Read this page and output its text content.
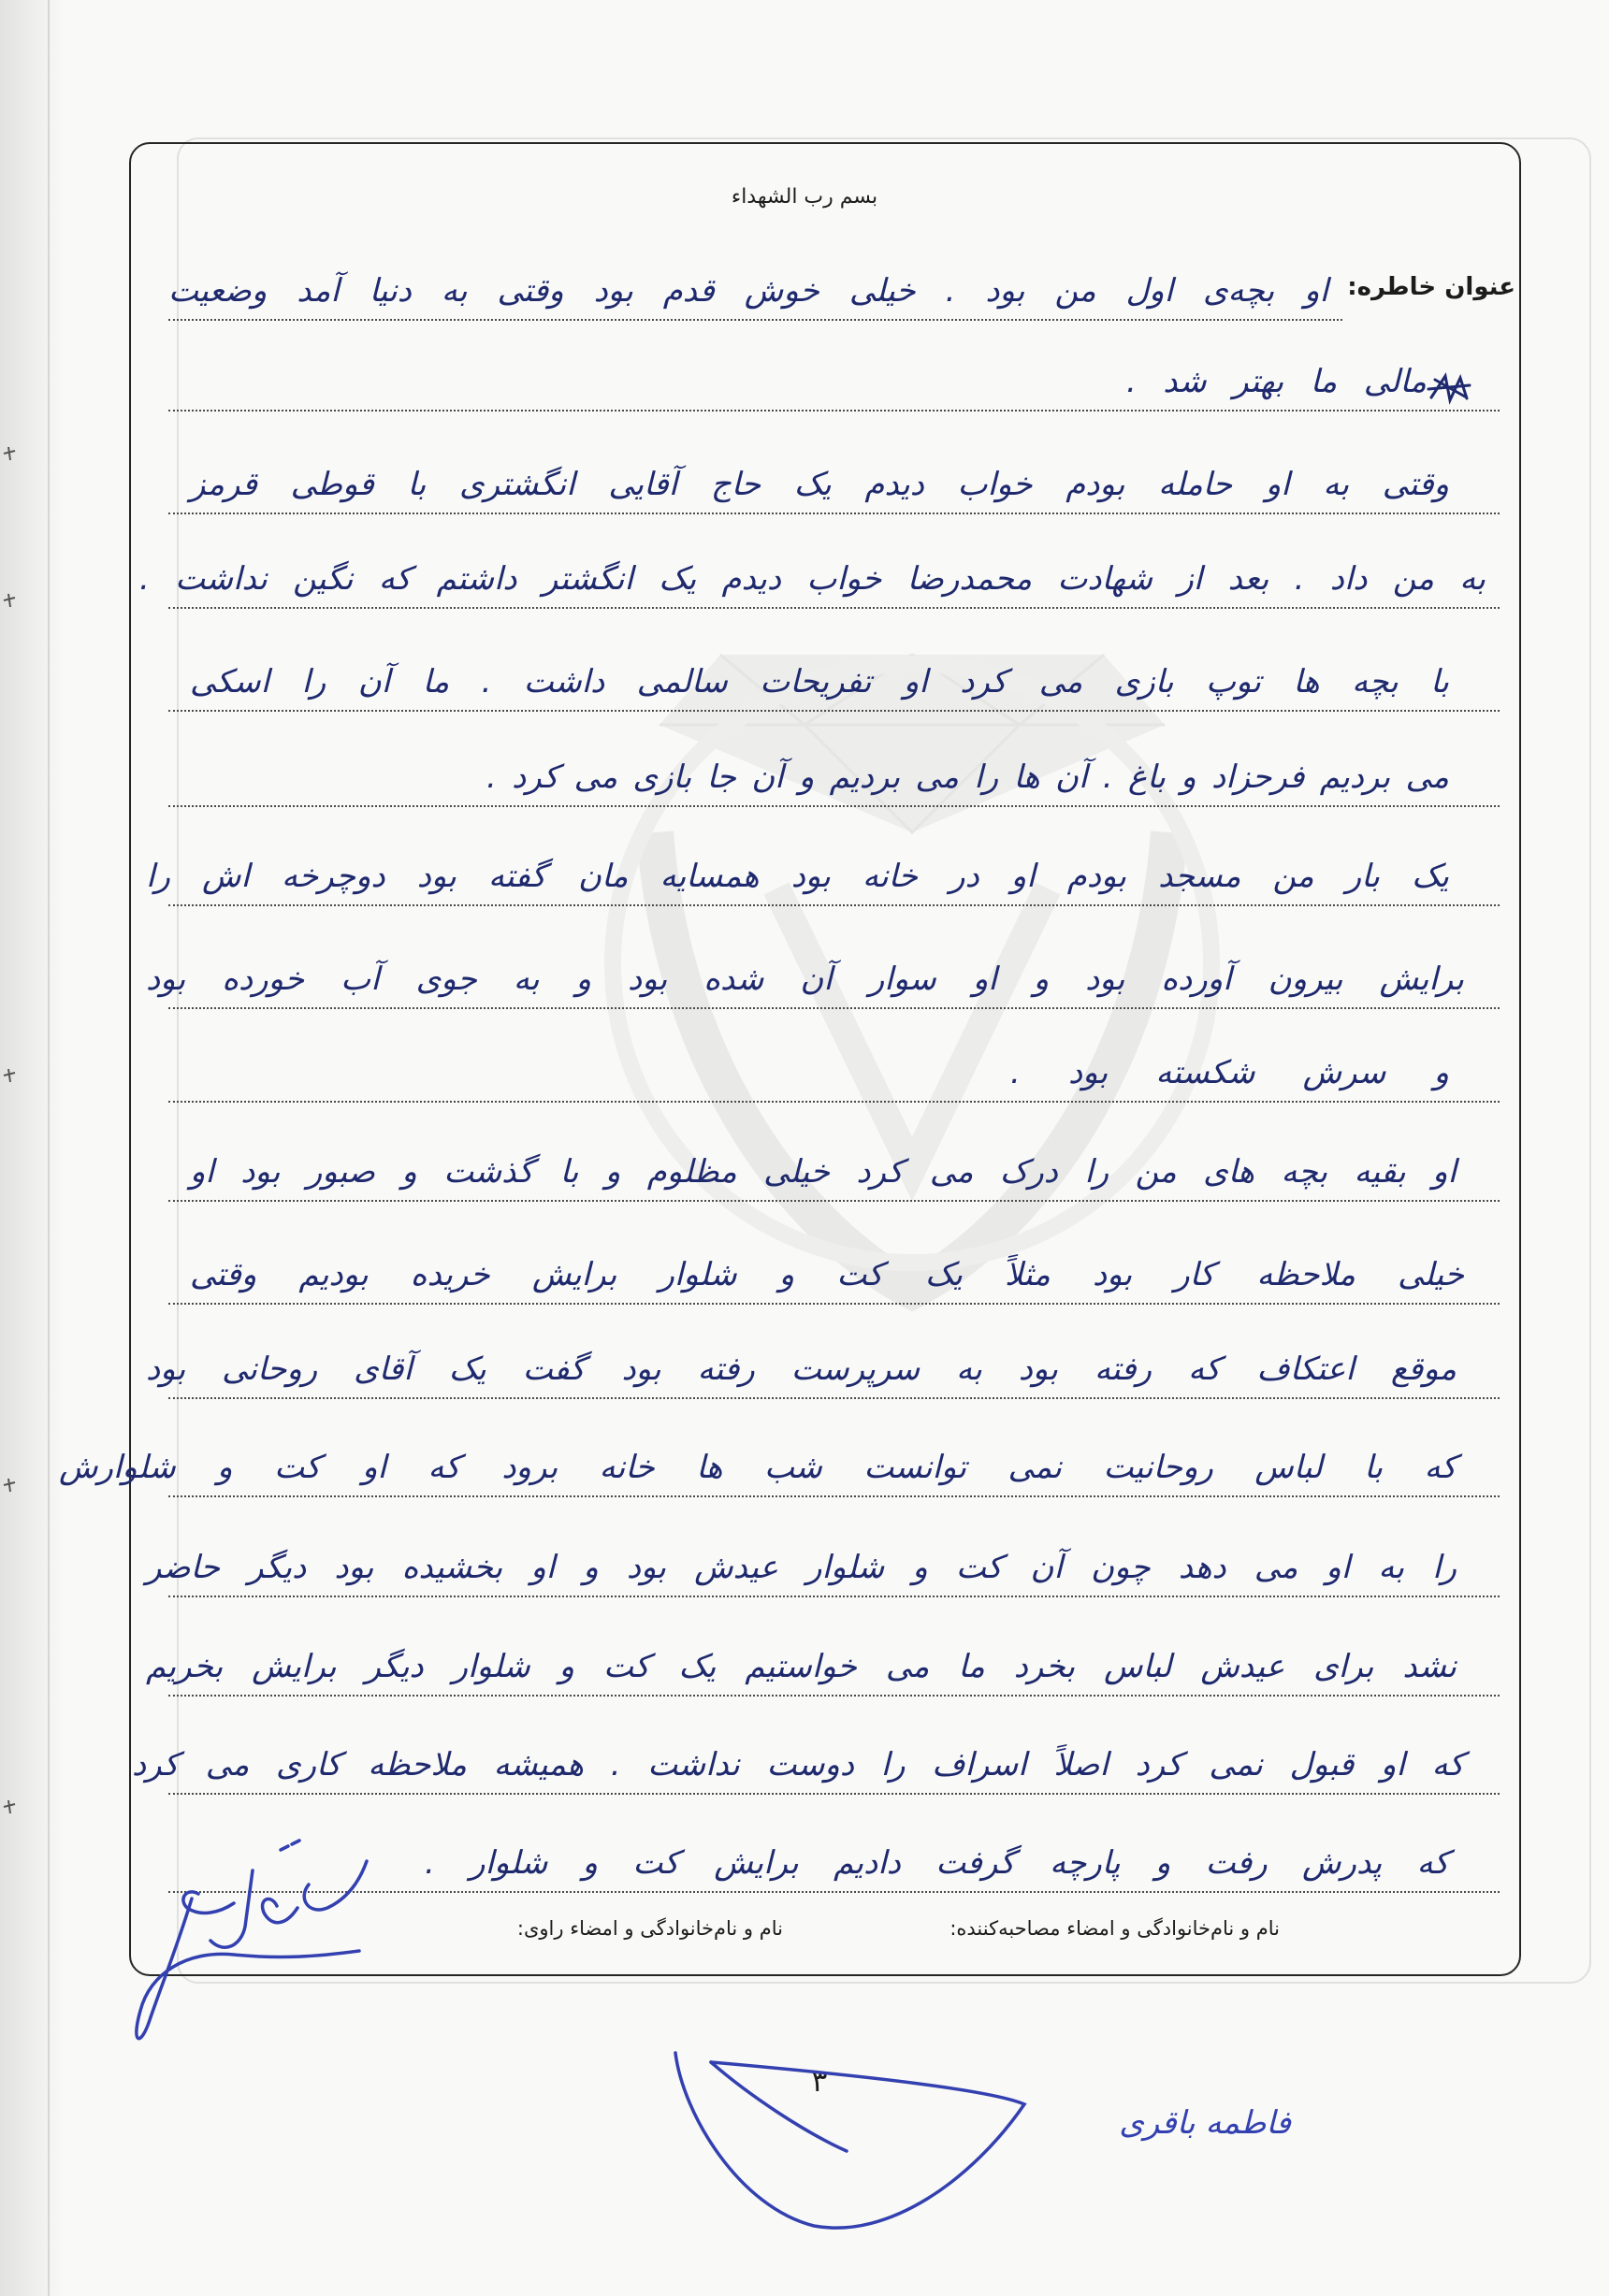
بسم رب الشهداء
عنوان خاطره:
او بچه‌ی اول من بود . خیلی خوش قدم بود وقتی به دنیا آمد وضعیت
مالی ما بهتر شد .
وقتی به او حامله بودم خواب دیدم یک حاج آقایی انگشتری با قوطی قرمز
به من داد . بعد از شهادت محمدرضا خواب دیدم یک انگشتر داشتم که نگین نداشت .
با بچه ها توپ بازی می کرد او تفریحات سالمی داشت . ما آن را اسکی
می بردیم فرحزاد و باغ . آن ها را می بردیم و آن جا بازی می کرد .
یک بار من مسجد بودم او در خانه بود همسایه مان گفته بود دوچرخه اش را
برایش بیرون آورده بود و او سوار آن شده بود و به جوی آب خورده بود
و سرش شکسته بود .
او بقیه بچه های من را درک می کرد خیلی مظلوم و با گذشت و صبور بود او
خیلی ملاحظه کار بود مثلاً یک کت و شلوار برایش خریده بودیم وقتی
موقع اعتکاف که رفته بود به سرپرست رفته بود گفت یک آقای روحانی بود
که با لباس روحانیت نمی توانست شب ها خانه برود که او کت و شلوارش
را به او می دهد چون آن کت و شلوار عیدش بود و او بخشیده بود دیگر حاضر
نشد برای عیدش لباس بخرد ما می خواستیم یک کت و شلوار دیگر برایش بخریم
که او قبول نمی کرد اصلاً اسراف را دوست نداشت . همیشه ملاحظه کاری می کرد
که پدرش رفت و پارچه گرفت دادیم برایش کت و شلوار .
نام و نام‌خانوادگی و امضاء مصاحبه‌کننده:
نام و نام‌خانوادگی و امضاء راوی:
۳
فاطمه باقری
